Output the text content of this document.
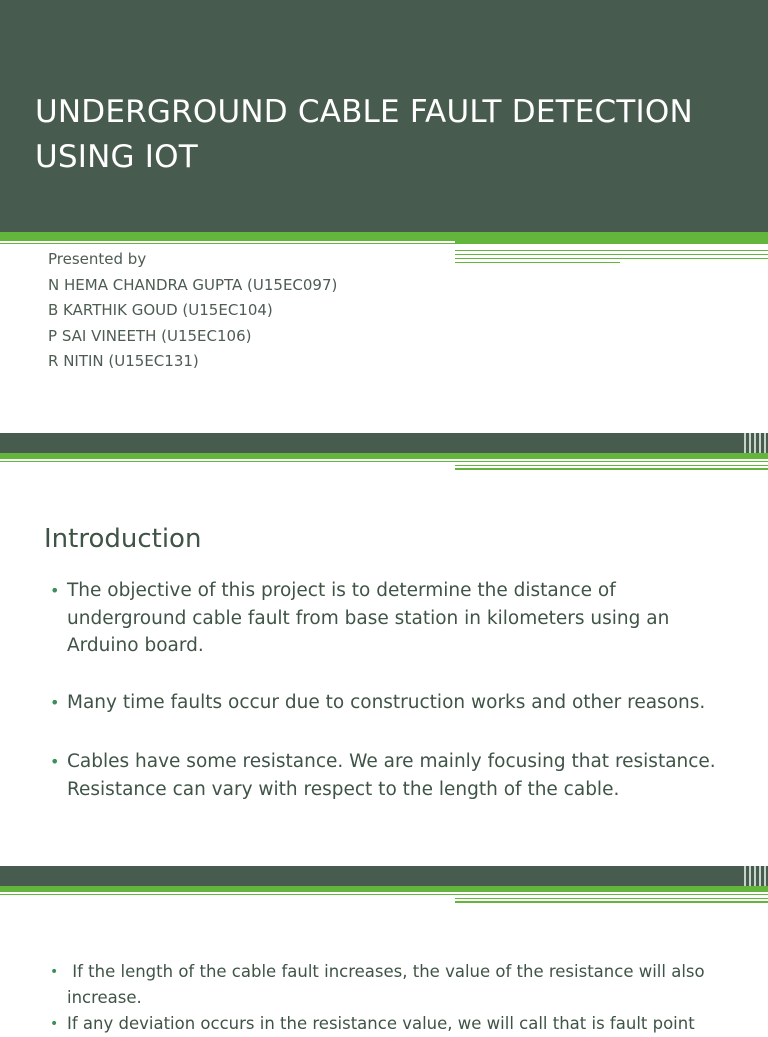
UNDERGROUND CABLE FAULT DETECTION USING IOT
Presented by
N HEMA CHANDRA GUPTA (U15EC097)
B KARTHIK GOUD (U15EC104)
P SAI VINEETH (U15EC106)
R NITIN (U15EC131)
Introduction
• The objective of this project is to determine the distance of underground cable fault from base station in kilometers using an Arduino board.
• Many time faults occur due to construction works and other reasons.
• Cables have some resistance. We are mainly focusing that resistance. Resistance can vary with respect to the length of the cable.
• If the length of the cable fault increases, the value of the resistance will also increase.
• If any deviation occurs in the resistance value, we will call that is fault point
